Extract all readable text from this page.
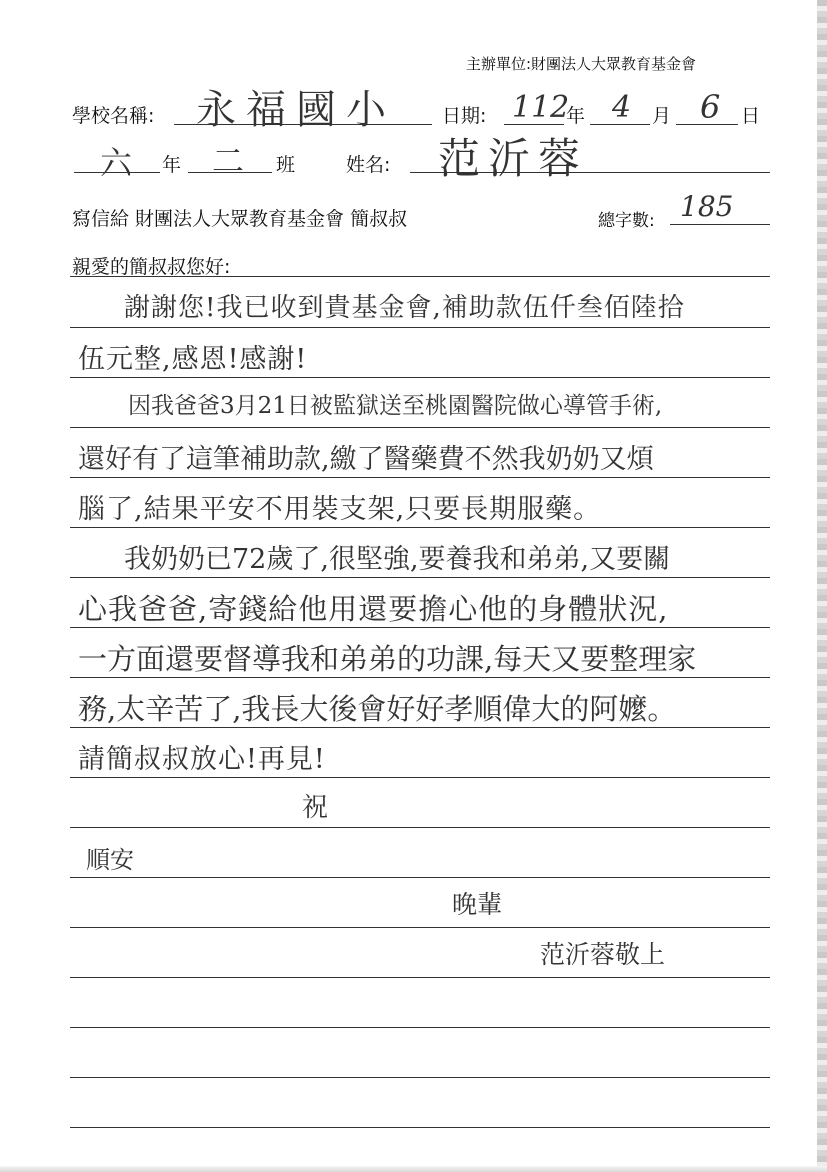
主辦單位:財團法人大眾教育基金會
學校名稱: 永福國小 日期: 112
年 4 月 6 日
六 年 二 班	姓名: 范沂蓉
寫信給 財團法人大眾教育基金會 簡叔叔	總字數: 185
親愛的簡叔叔您好:
謝謝您!我已收到貴基金會,補助款伍仟叁佰陸拾
伍元整,感恩!感謝!
因我爸爸3月21日被監獄送至桃園醫院做心導管手術,
還好有了這筆補助款,繳了醫藥費不然我奶奶又煩
腦了,結果平安不用裝支架,只要長期服藥。
我奶奶已72歲了,很堅強,要養我和弟弟,又要關
心我爸爸,寄錢給他用還要擔心他的身體狀況,
一方面還要督導我和弟弟的功課,每天又要整理家
務,太辛苦了,我長大後會好好孝順偉大的阿嬤。
請簡叔叔放心!再見!
祝
順安
晚輩
范沂蓉敬上
